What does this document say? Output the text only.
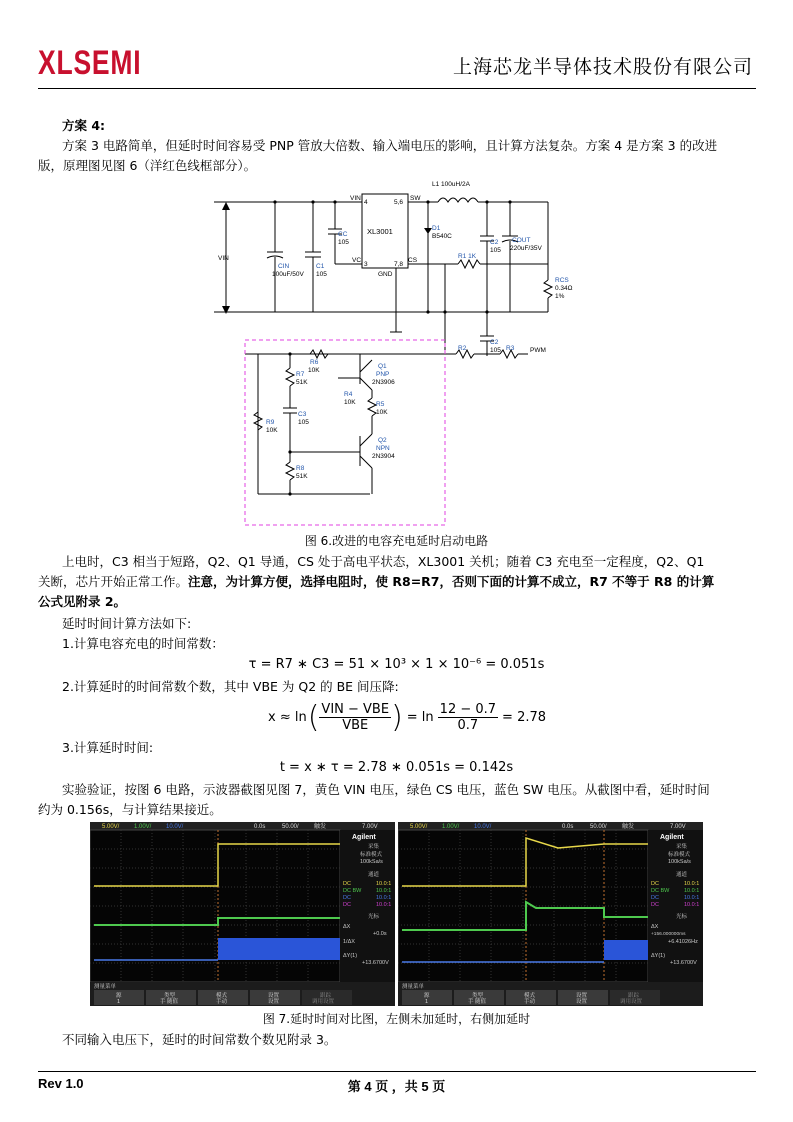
XLSEMI	上海芯龙半导体技术股份有限公司
方案 4:
方案 3 电路简单，但延时时间容易受 PNP 管放大倍数、输入端电压的影响，且计算方法复杂。方案 4 是方案 3 的改进
版，原理图见图 6（洋红色线框部分）。
VIN
CIN
100uF/50V
C1
105
CC
105
XL3001
VIN
4	5,6
SW
VC
3	7,8
CS
GND
L1 100uH/2A
D1
B540C
C2
105
COUT
220uF/35V
R1 1K
RCS
0.34Ω
1%
R2
C2
105 R3 PWM
R6
10K
Q1
PNP
2N3906
R7
51K
R4
10K	R5
10K
C3
105
R9
10K
Q2
NPN
2N3904
R8
51K
图 6.改进的电容充电延时启动电路
上电时，C3 相当于短路，Q2、Q1 导通，CS 处于高电平状态，XL3001 关机；随着 C3 充电至一定程度，Q2、Q1
关断，芯片开始正常工作。注意，为计算方便，选择电阻时，使 R8=R7，否则下面的计算不成立，R7 不等于 R8 的计算
公式见附录 2。
延时时间计算方法如下:
1.计算电容充电的时间常数：
τ = R7 ∗ C3 = 51 × 10³ × 1 × 10⁻⁶ = 0.051s
2.计算延时的时间常数个数，其中 VBE 为 Q2 的 BE 间压降:
x ≈ ln ( VIN − VBE
VBE ) = $\ln \frac{12 - 0.7}{0.7} = 2.78$
3.计算延时时间:
t = x ∗ τ = 2.78 ∗ 0.051s = 0.142s
实验验证，按图 6 电路，示波器截图见图 7，黄色 VIN 电压，绿色 CS 电压，蓝色 SW 电压。从截图中看，延时时间
约为 0.156s，与计算结果接近。
5.00V/ 1.00V/ 10.0V/	0.0s	50.00/	触发	7.00V
Agilent
采集
标准模式
100kSa/s
通道
DC	10.0:1
DC BW	10.0:1
DC	10.0:1
DC	10.0:1
光标
ΔX
+0.0s
1/ΔX
ΔY(1)
+13.6700V
测量菜单
源	类型	模式	设置	跟踪
1	手 随值	手动	设置	调用设置
5.00V/ 1.00V/ 10.0V/	0.0s	50.00/	触发	7.00V
Agilent
采集
标准模式
100kSa/s
通道
DC	10.0:1
DC BW	10.0:1
DC	10.0:1
DC	10.0:1
光标
ΔX
+156.000000ms
+6.41026Hz
ΔY(1)
+13.6700V
测量菜单
源	类型	模式	设置	跟踪
1	手 随值	手动	设置	调用设置
图 7.延时时间对比图，左侧未加延时，右侧加延时
不同输入电压下，延时的时间常数个数见附录 3。
Rev 1.0	第 4 页 ，共 5 页
